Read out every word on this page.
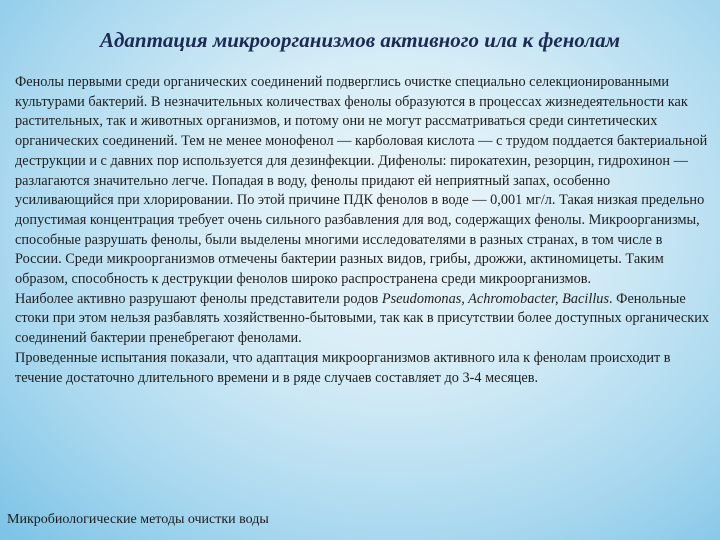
Адаптация микроорганизмов активного ила к фенолам

Фенолы первыми среди органических соединений подверглись очистке специально селекционированными культурами бактерий. В незначительных количествах фенолы образуются в процессах жизнедеятельности как растительных, так и животных организмов, и потому они не могут рассматриваться среди синтетических органических соединений. Тем не менее монофенол — карболовая кислота — с трудом поддается бактериальной деструкции и с давних пор используется для дезинфекции. Дифенолы: пирокатехин, резорцин, гидрохинон — разлагаются значительно легче. Попадая в воду, фенолы придают ей неприятный запах, особенно усиливающийся при хлорировании. По этой причине ПДК фенолов в воде — 0,001 мг/л. Такая низкая предельно допустимая концентрация требует очень сильного разбавления для вод, содержащих фенолы. Микроорганизмы, способные разрушать фенолы, были выделены многими исследователями в разных странах, в том числе в России. Среди микроорганизмов отмечены бактерии разных видов, грибы, дрожжи, актиномицеты. Таким образом, способность к деструкции фенолов широко распространена среди микроорганизмов.

Наиболее активно разрушают фенолы представители родов Pseudomonas, Achromobacter, Bacillus. Фенольные стоки при этом нельзя разбавлять хозяйственно-бытовыми, так как в присутствии более доступных органических соединений бактерии пренебрегают фенолами.

Проведенные испытания показали, что адаптация микроорганизмов активного ила к фенолам происходит в течение достаточно длительного времени и в ряде случаев составляет до 3-4 месяцев.

Микробиологические методы очистки воды
